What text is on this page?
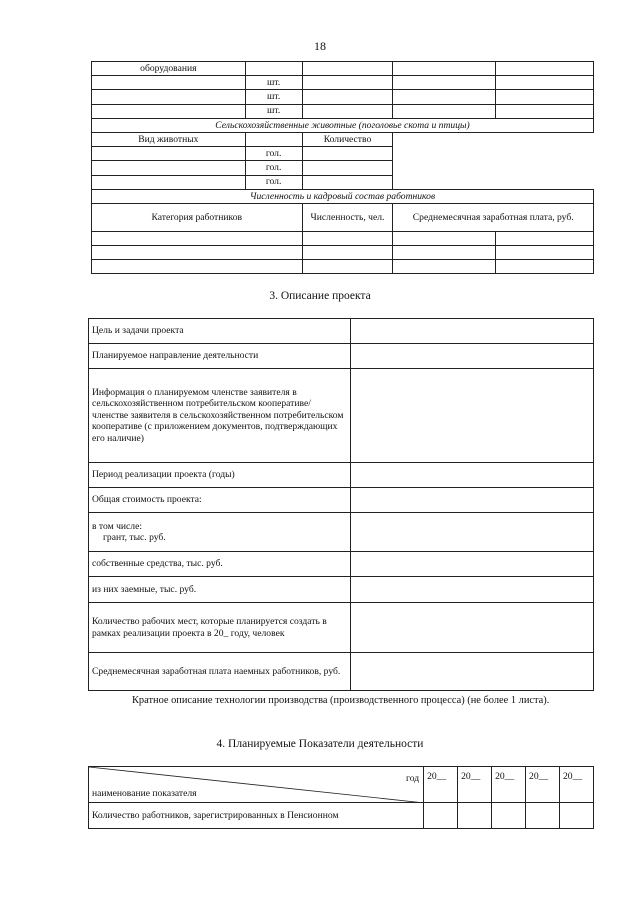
18
оборудования				
	шт.			
	шт.			
	шт.			
Сельскохозяйственные животные (поголовье скота и птицы)				
Вид животных		Количество		
	гол.			
	гол.			
	гол.			
Численность и кадровый состав работников				
Категория работников		Численность, чел.	Среднемесячная заработная плата, руб.	

3. Описание проекта
Цель и задачи проекта	
Планируемое направление деятельности	
Информация о планируемом членстве заявителя в сельскохозяйственном потребительском кооперативе/членстве заявителя в сельскохозяйственном потребительском кооперативе (с приложением документов, подтверждающих его наличие)	
Период реализации проекта (годы)	
Общая стоимость проекта:	

в том числе:
грант, тыс. руб.	

собственные средства, тыс. руб.	
из них заемные, тыс. руб.	
Количество рабочих мест, которые планируется создать в рамках реализации проекта в 20_ году, человек	
Среднемесячная заработная плата наемных работников, руб.	
Кратное описание технологии производства (производственного процесса) (не более 1 листа).
4. Планируемые Показатели деятельности
год
наименование показателя	20__	20__	20__	20__	20__
Количество работников, зарегистрированных в Пенсионном					
